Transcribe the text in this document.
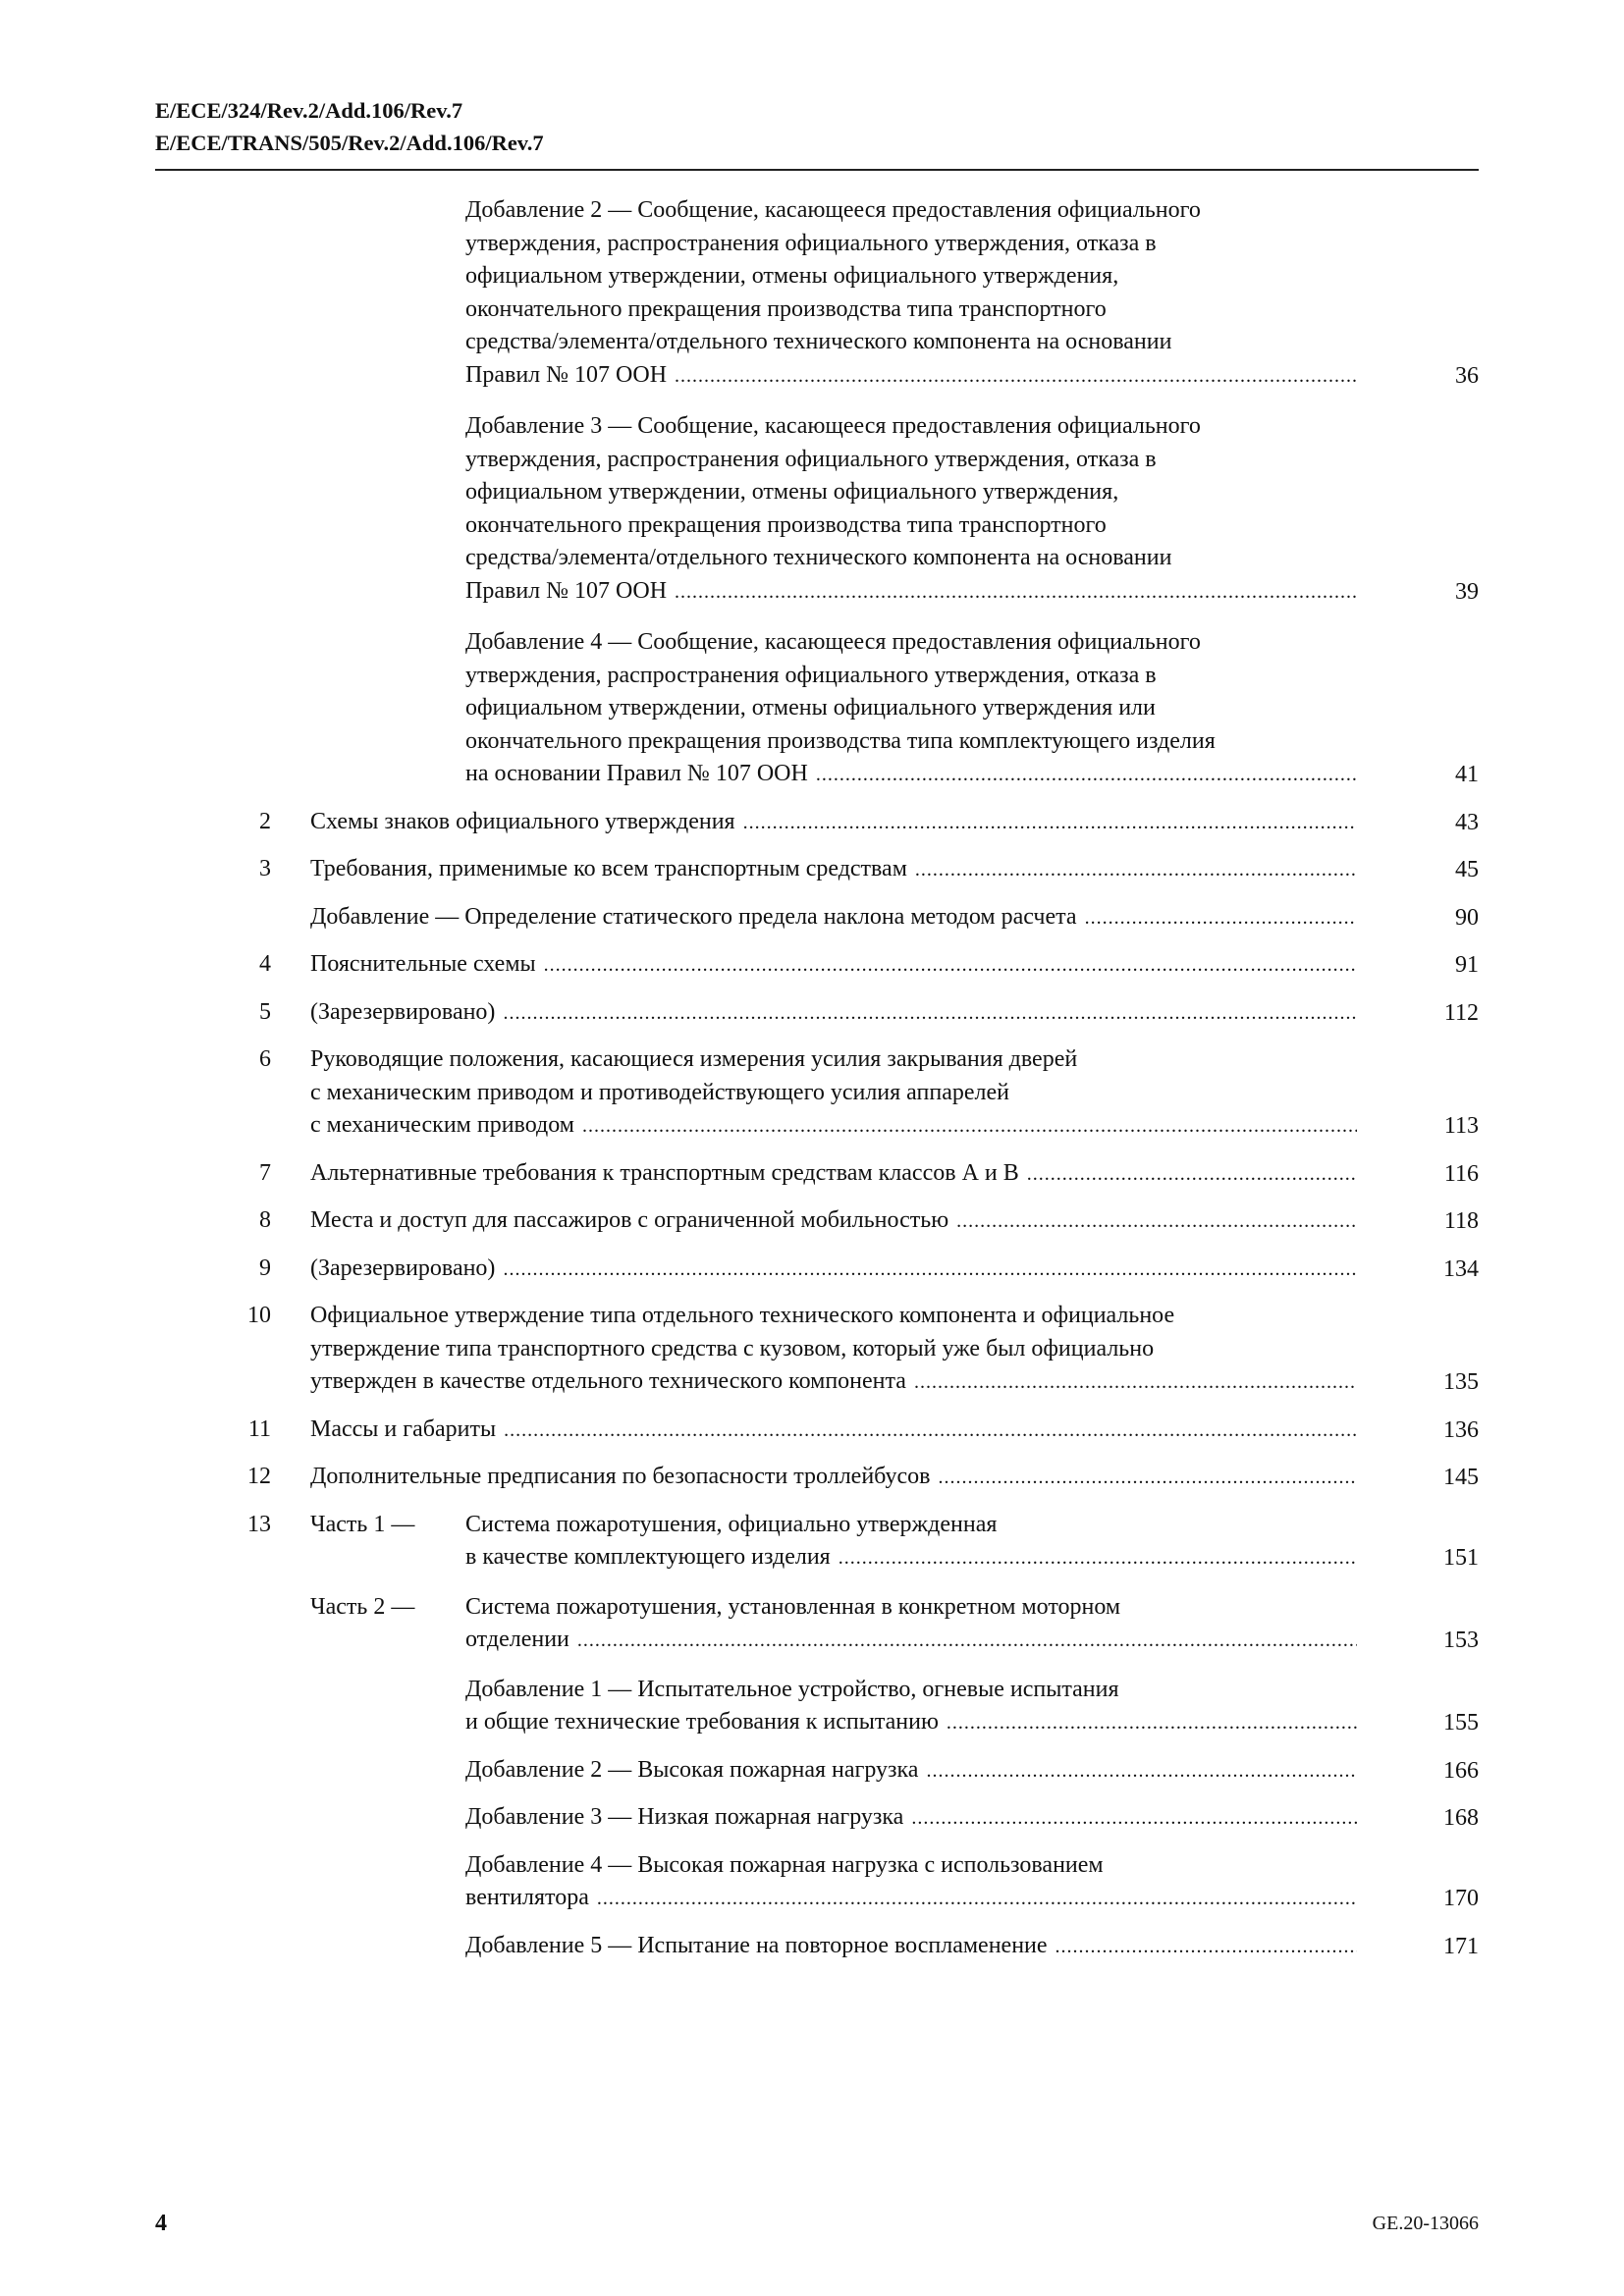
E/ECE/324/Rev.2/Add.106/Rev.7
E/ECE/TRANS/505/Rev.2/Add.106/Rev.7
Добавление 2 — Сообщение, касающееся предоставления официального
утверждения, распространения официального утверждения, отказа в
официальном утверждении, отмены официального утверждения,
окончательного прекращения производства типа транспортного
средства/элемента/отдельного технического компонента на основании
Правил № 107 ООН .....	36
Добавление 3 — Сообщение, касающееся предоставления официального
утверждения, распространения официального утверждения, отказа в
официальном утверждении, отмены официального утверждения,
окончательного прекращения производства типа транспортного
средства/элемента/отдельного технического компонента на основании
Правил № 107 ООН .....	39
Добавление 4 — Сообщение, касающееся предоставления официального
утверждения, распространения официального утверждения, отказа в
официальном утверждении, отмены официального утверждения или
окончательного прекращения производства типа комплектующего изделия
на основании Правил № 107 ООН .....	41
2 Схемы знаков официального утверждения .....	43
3 Требования, применимые ко всем транспортным средствам .....	45
Добавление — Определение статического предела наклона методом расчета .....	90
4 Пояснительные схемы .....	91
5 (Зарезервировано) .....	112
6 Руководящие положения, касающиеся измерения усилия закрывания дверей
с механическим приводом и противодействующего усилия аппарелей
с механическим приводом .....	113
7 Альтернативные требования к транспортным средствам классов А и В .....	116
8 Места и доступ для пассажиров с ограниченной мобильностью .....	118
9 (Зарезервировано) .....	134
10 Официальное утверждение типа отдельного технического компонента и официальное
утверждение типа транспортного средства с кузовом, который уже был официально
утвержден в качестве отдельного технического компонента .....	135
11 Массы и габариты .....	136
12 Дополнительные предписания по безопасности троллейбусов .....	145
13 Часть 1 — Система пожаротушения, официально утвержденная
в качестве комплектующего изделия .....	151
Часть 2 — Система пожаротушения, установленная в конкретном моторном
отделении .....	153
Добавление 1 — Испытательное устройство, огневые испытания
и общие технические требования к испытанию .....	155
Добавление 2 — Высокая пожарная нагрузка .....	166
Добавление 3 — Низкая пожарная нагрузка .....	168
Добавление 4 — Высокая пожарная нагрузка с использованием
вентилятора .....	170
Добавление 5 — Испытание на повторное воспламенение .....	171
4	GE.20-13066
